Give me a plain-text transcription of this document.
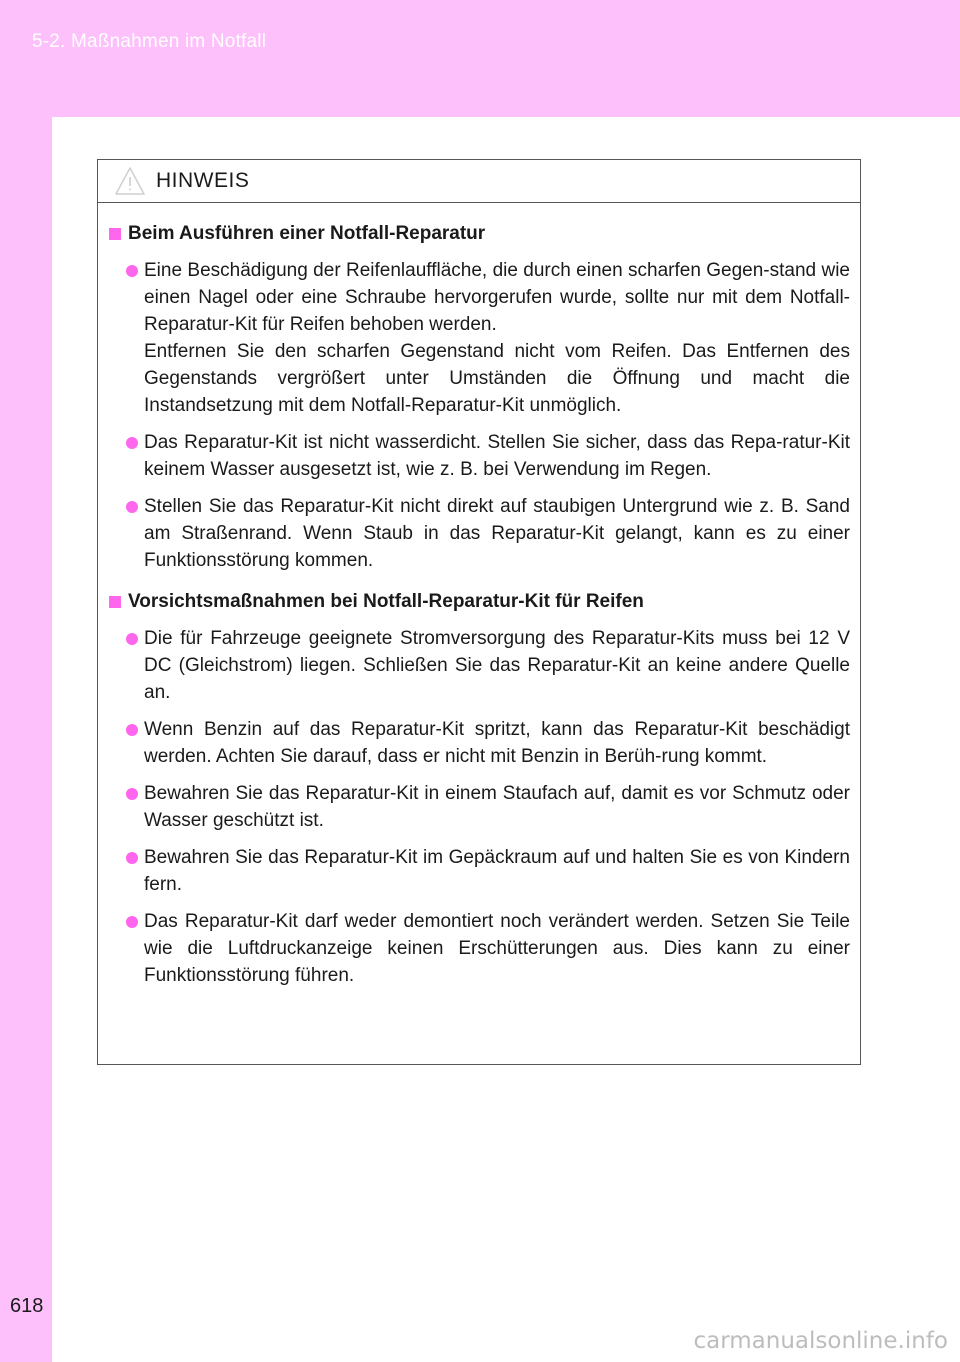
5-2. Maßnahmen im Notfall
618
HINWEIS
Beim Ausführen einer Notfall-Reparatur
Eine Beschädigung der Reifenlauffläche, die durch einen scharfen Gegen-stand wie einen Nagel oder eine Schraube hervorgerufen wurde, sollte nur mit dem Notfall-Reparatur-Kit für Reifen behoben werden.
Entfernen Sie den scharfen Gegenstand nicht vom Reifen. Das Entfernen des Gegenstands vergrößert unter Umständen die Öffnung und macht die Instandsetzung mit dem Notfall-Reparatur-Kit unmöglich.
Das Reparatur-Kit ist nicht wasserdicht. Stellen Sie sicher, dass das Repa-ratur-Kit keinem Wasser ausgesetzt ist, wie z. B. bei Verwendung im Regen.
Stellen Sie das Reparatur-Kit nicht direkt auf staubigen Untergrund wie z. B. Sand am Straßenrand. Wenn Staub in das Reparatur-Kit gelangt, kann es zu einer Funktionsstörung kommen.
Vorsichtsmaßnahmen bei Notfall-Reparatur-Kit für Reifen
Die für Fahrzeuge geeignete Stromversorgung des Reparatur-Kits muss bei 12 V DC (Gleichstrom) liegen. Schließen Sie das Reparatur-Kit an keine andere Quelle an.
Wenn Benzin auf das Reparatur-Kit spritzt, kann das Reparatur-Kit beschädigt werden. Achten Sie darauf, dass er nicht mit Benzin in Berüh-rung kommt.
Bewahren Sie das Reparatur-Kit in einem Staufach auf, damit es vor Schmutz oder Wasser geschützt ist.
Bewahren Sie das Reparatur-Kit im Gepäckraum auf und halten Sie es von Kindern fern.
Das Reparatur-Kit darf weder demontiert noch verändert werden. Setzen Sie Teile wie die Luftdruckanzeige keinen Erschütterungen aus. Dies kann zu einer Funktionsstörung führen.
carmanualsonline.info
